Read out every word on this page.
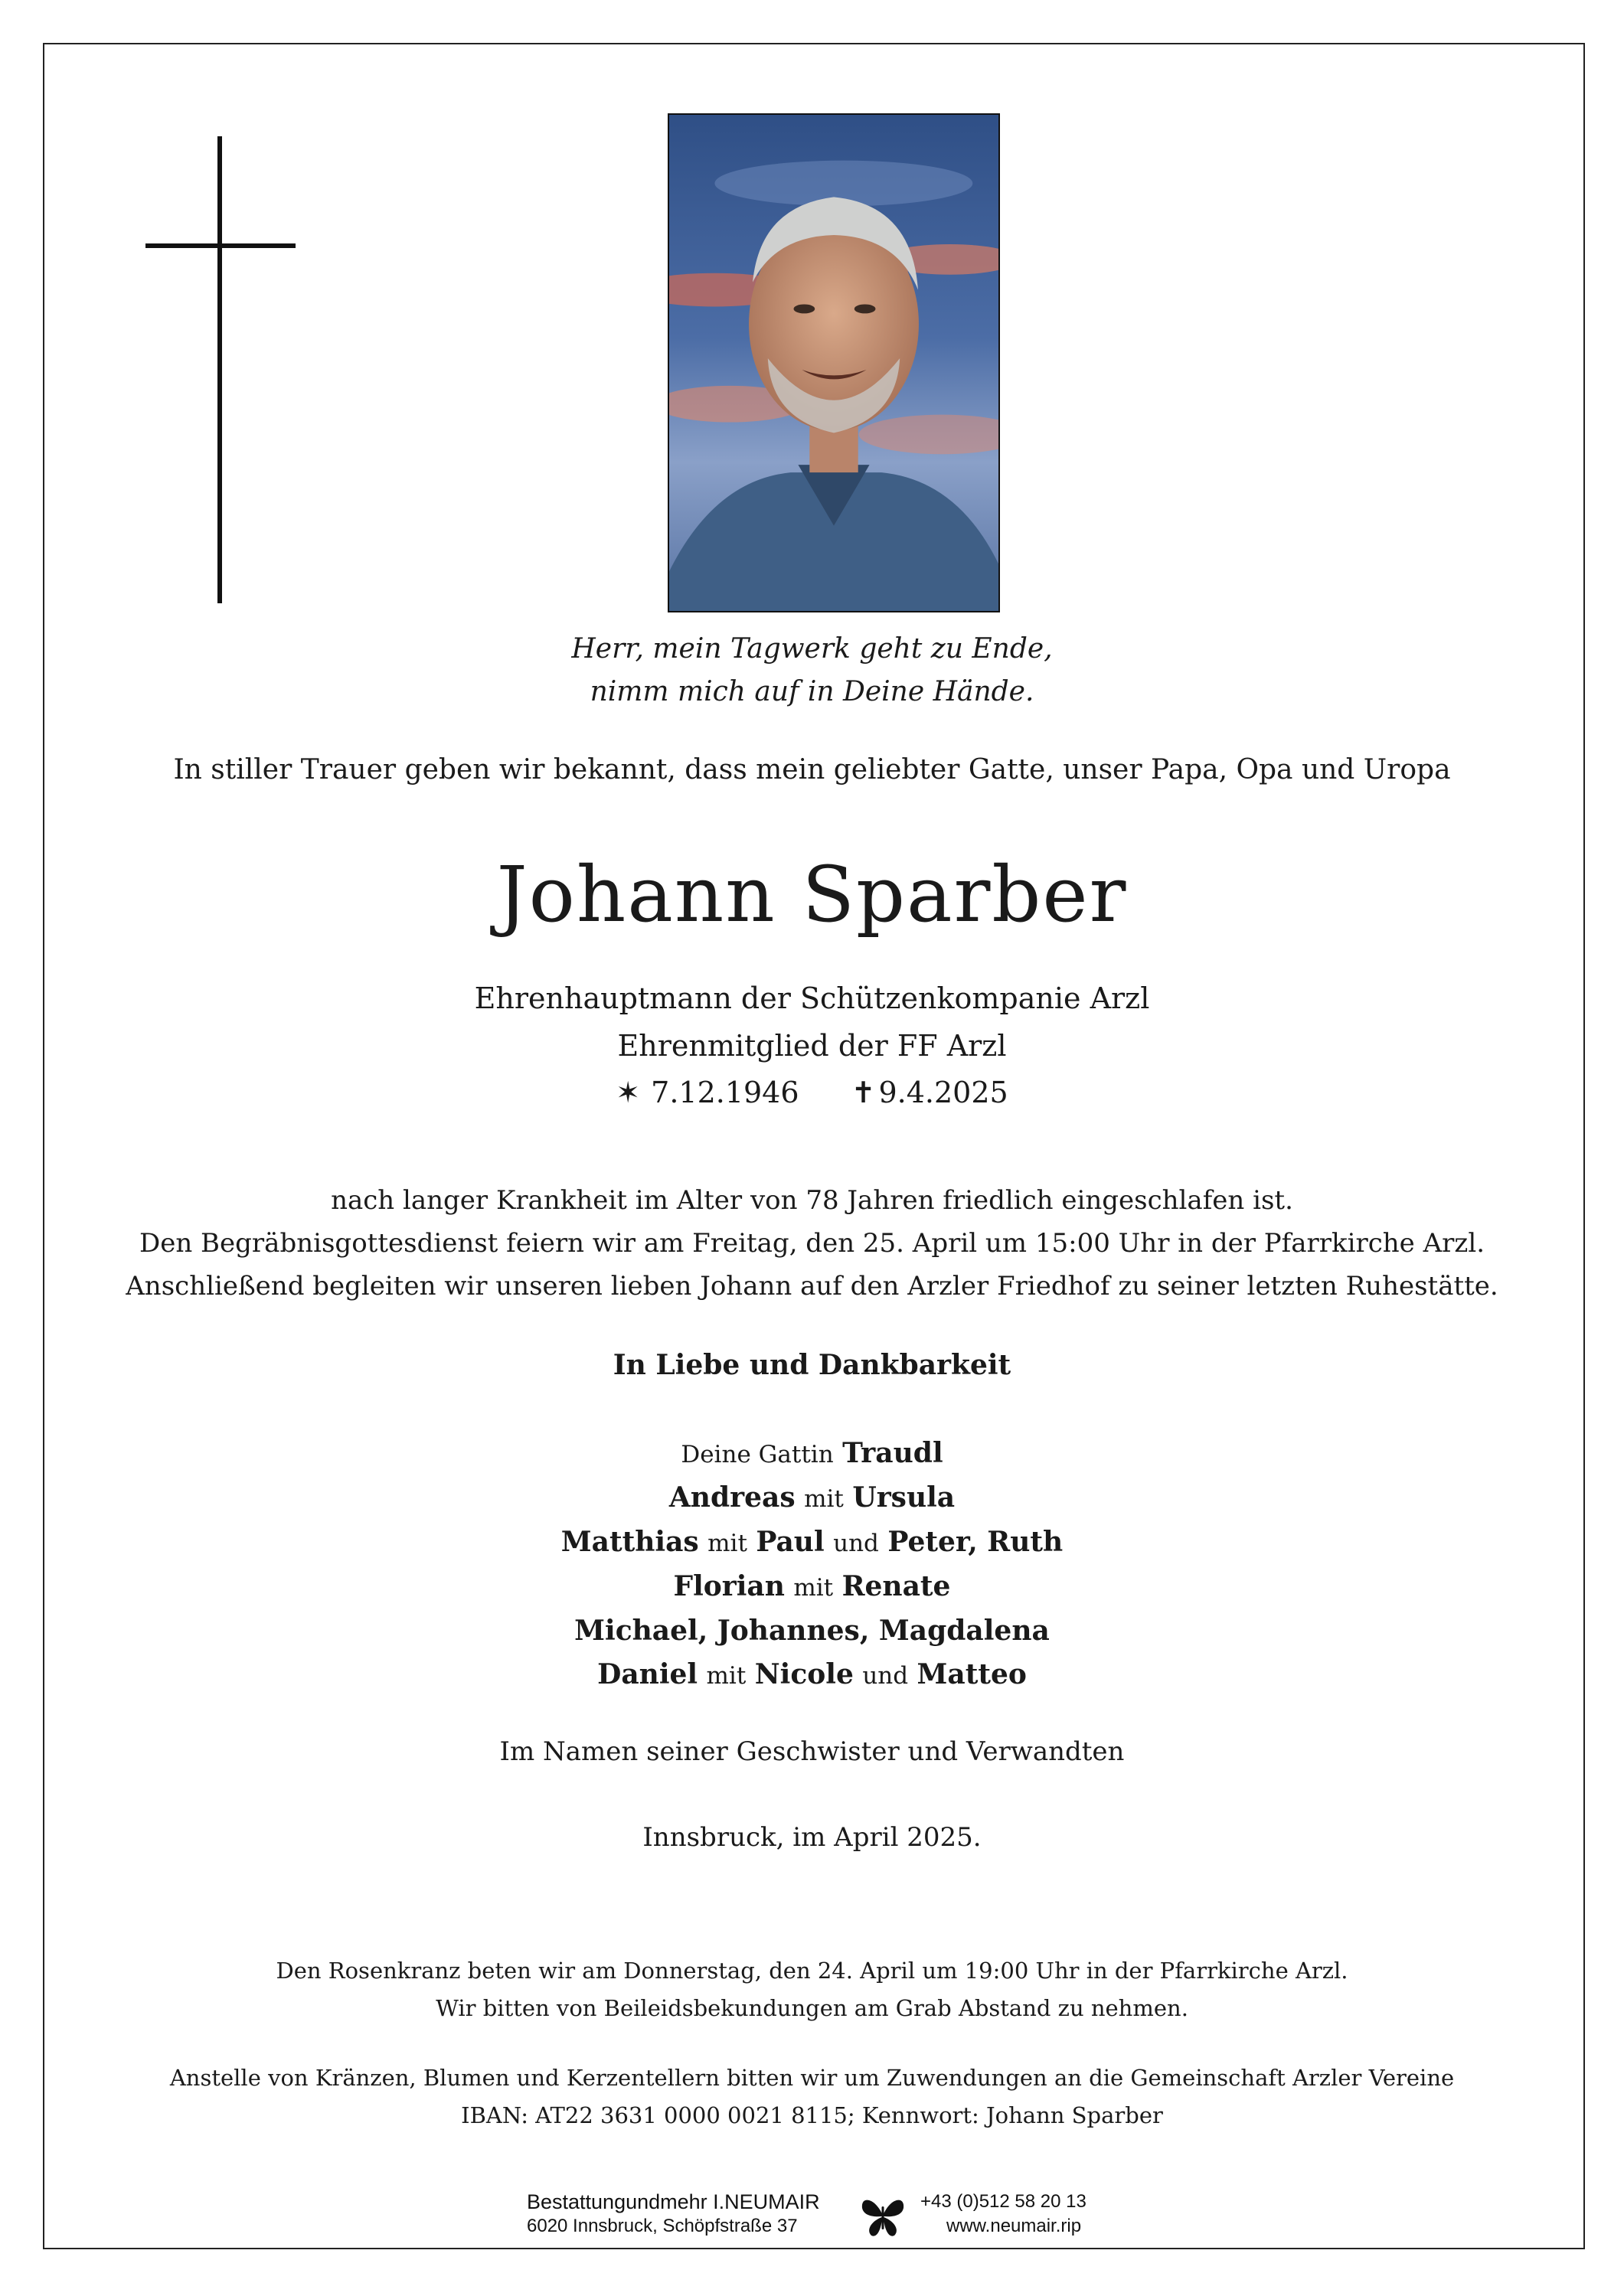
Herr, mein Tagwerk geht zu Ende,
nimm mich auf in Deine Hände.
In stiller Trauer geben wir bekannt, dass mein geliebter Gatte, unser Papa, Opa und Uropa
Johann Sparber
Ehrenhauptmann der Schützenkompanie Arzl
Ehrenmitglied der FF Arzl
✶ 7.12.1946 ✝ 9.4.2025
nach langer Krankheit im Alter von 78 Jahren friedlich eingeschlafen ist.
Den Begräbnisgottesdienst feiern wir am Freitag, den 25. April um 15:00 Uhr in der Pfarrkirche Arzl.
Anschließend begleiten wir unseren lieben Johann auf den Arzler Friedhof zu seiner letzten Ruhestätte.
In Liebe und Dankbarkeit
Deine Gattin Traudl
Andreas mit Ursula
Matthias mit Paul und Peter, Ruth
Florian mit Renate
Michael, Johannes, Magdalena
Daniel mit Nicole und Matteo
Im Namen seiner Geschwister und Verwandten
Innsbruck, im April 2025.
Den Rosenkranz beten wir am Donnerstag, den 24. April um 19:00 Uhr in der Pfarrkirche Arzl.
Wir bitten von Beileidsbekundungen am Grab Abstand zu nehmen.
Anstelle von Kränzen, Blumen und Kerzentellern bitten wir um Zuwendungen an die Gemeinschaft Arzler Vereine
IBAN: AT22 3631 0000 0021 8115; Kennwort: Johann Sparber
Bestattungundmehr I.NEUMAIR
6020 Innsbruck, Schöpfstraße 37
+43 (0)512 58 20 13
www.neumair.rip
